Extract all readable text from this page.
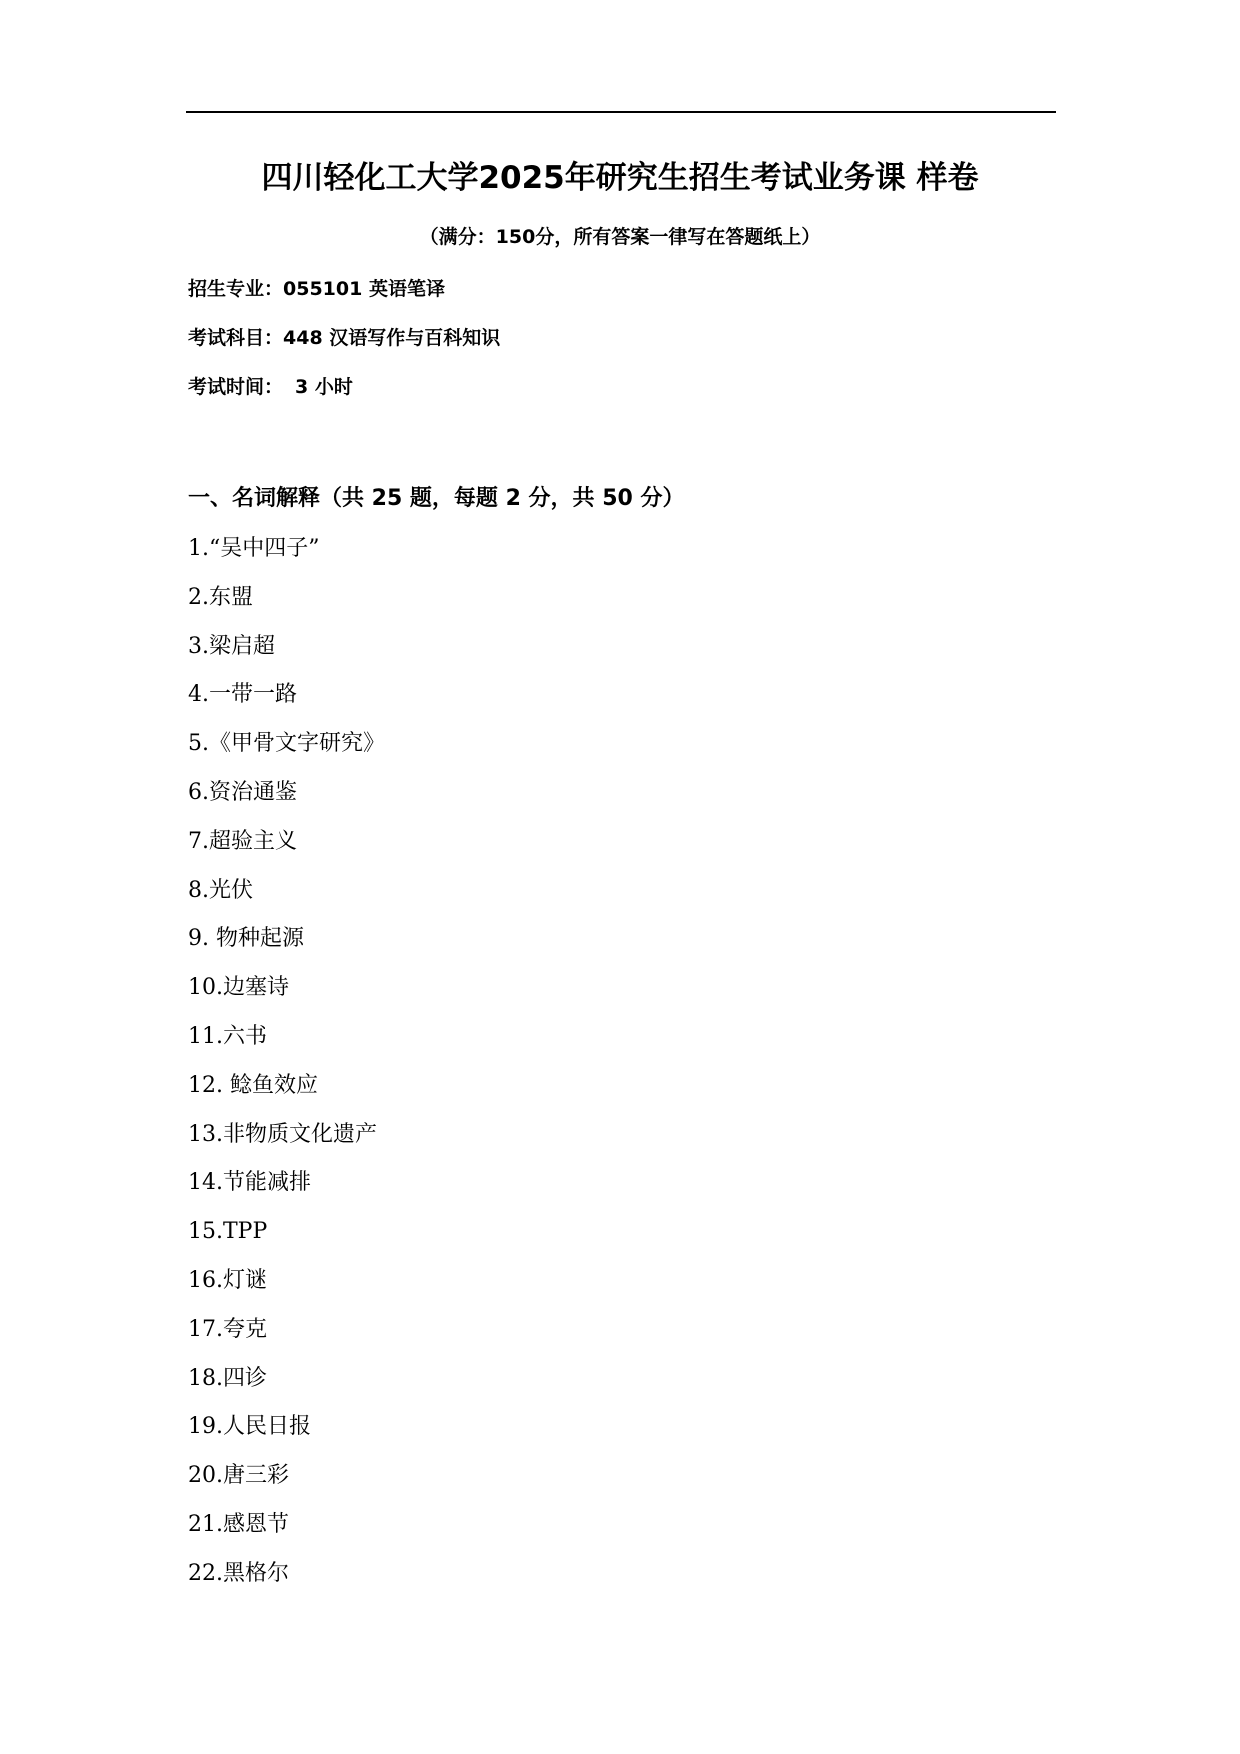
四川轻化工大学2025年研究生招生考试业务课 样卷
（满分：150分，所有答案一律写在答题纸上）
招生专业：055101 英语笔译
考试科目：448 汉语写作与百科知识
考试时间： 3 小时
一、名词解释（共 25 题，每题 2 分，共 50 分）
1.“吴中四子”
2.东盟
3.梁启超
4.一带一路
5.《甲骨文字研究》
6.资治通鉴
7.超验主义
8.光伏
9. 物种起源
10.边塞诗
11.六书
12. 鲶鱼效应
13.非物质文化遗产
14.节能减排
15.TPP
16.灯谜
17.夸克
18.四诊
19.人民日报
20.唐三彩
21.感恩节
22.黑格尔
